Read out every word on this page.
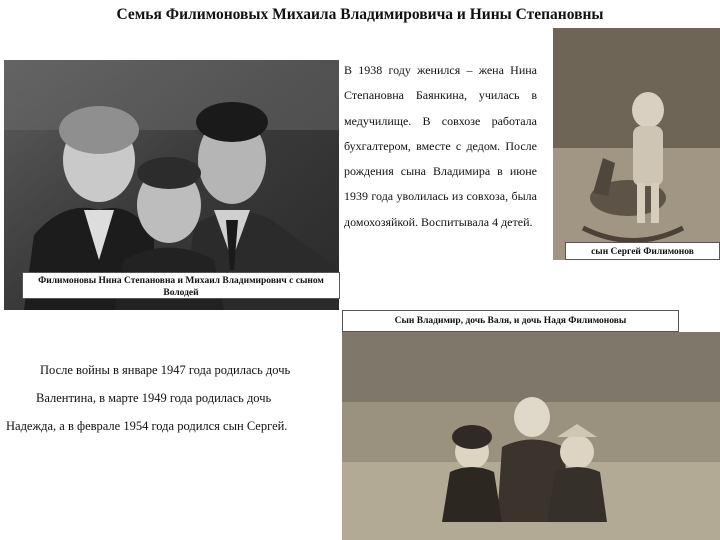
Семья Филимоновых Михаила Владимировича и Нины Степановны
Филимоновы Нина Степановна и Михаил Владимирович с сыном Володей
В 1938 году женился – жена Нина Степановна Баянкина, училась в медучилище. В совхозе работала бухгалтером, вместе с дедом. После рождения сына Владимира в июне 1939 года уволилась из совхоза, была домохозяйкой. Воспитывала 4 детей.
сын Сергей Филимонов
Сын Владимир, дочь Валя, и дочь Надя Филимоновы
После войны в январе 1947 года родилась дочь
Валентина, в марте 1949 года родилась дочь
Надежда, а в феврале 1954 года родился сын Сергей.
